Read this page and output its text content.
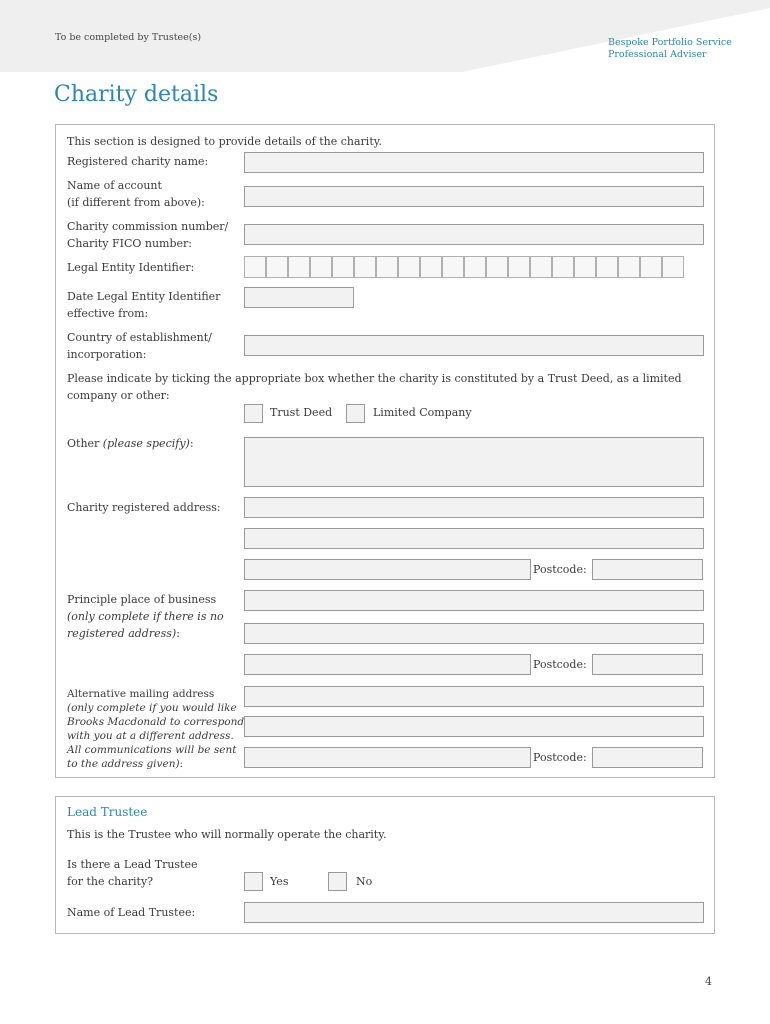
To be completed by Trustee(s)	Bespoke Portfolio Service
Professional Adviser
Charity details
This section is designed to provide details of the charity.
Registered charity name:
Name of account
(if different from above):
Charity commission number/
Charity FICO number:
Legal Entity Identifier:
Date Legal Entity Identifier
effective from:
Country of establishment/
incorporation:
Please indicate by ticking the appropriate box whether the charity is constituted by a Trust Deed, as a limited
company or other:
Trust Deed	Limited Company
Other (please specify):
Charity registered address:
Postcode:
Principle place of business
(only complete if there is no
registered address):
Postcode:
Alternative mailing address
(only complete if you would like
Brooks Macdonald to correspond
with you at a different address.
All communications will be sent
to the address given):	Postcode:
Lead Trustee
This is the Trustee who will normally operate the charity.
Is there a Lead Trustee
for the charity?	Yes	No
Name of Lead Trustee:
4
